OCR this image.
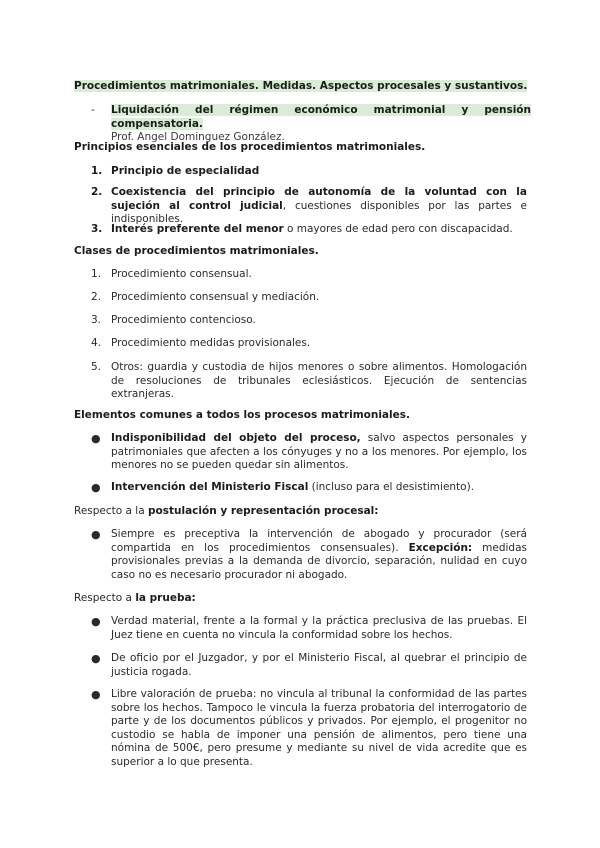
Procedimientos matrimoniales. Medidas. Aspectos procesales y sustantivos.
- Liquidación del régimen económico matrimonial y pensión compensatoria.
Prof. Angel Dominguez González.
Principios esenciales de los procedimientos matrimoniales.
1. Principio de especialidad
2. Coexistencia del principio de autonomía de la voluntad con la sujeción al control judicial, cuestiones disponibles por las partes e indisponibles.
3. Interés preferente del menor o mayores de edad pero con discapacidad.
Clases de procedimientos matrimoniales.
1. Procedimiento consensual.
2. Procedimiento consensual y mediación.
3. Procedimiento contencioso.
4. Procedimiento medidas provisionales.
5. Otros: guardia y custodia de hijos menores o sobre alimentos. Homologación de resoluciones de tribunales eclesiásticos. Ejecución de sentencias extranjeras.
Elementos comunes a todos los procesos matrimoniales.
● Indisponibilidad del objeto del proceso, salvo aspectos personales y patrimoniales que afecten a los cónyuges y no a los menores. Por ejemplo, los menores no se pueden quedar sin alimentos.
● Intervención del Ministerio Fiscal (incluso para el desistimiento).
Respecto a la postulación y representación procesal:
● Siempre es preceptiva la intervención de abogado y procurador (será compartida en los procedimientos consensuales). Excepción: medidas provisionales previas a la demanda de divorcio, separación, nulidad en cuyo caso no es necesario procurador ni abogado.
Respecto a la prueba:
● Verdad material, frente a la formal y la práctica preclusiva de las pruebas. El Juez tiene en cuenta no vincula la conformidad sobre los hechos.
● De oficio por el Juzgador, y por el Ministerio Fiscal, al quebrar el principio de justicia rogada.
● Libre valoración de prueba: no vincula al tribunal la conformidad de las partes sobre los hechos. Tampoco le vincula la fuerza probatoria del interrogatorio de parte y de los documentos públicos y privados. Por ejemplo, el progenitor no custodio se habla de imponer una pensión de alimentos, pero tiene una nómina de 500€, pero presume y mediante su nivel de vida acredite que es superior a lo que presenta.
